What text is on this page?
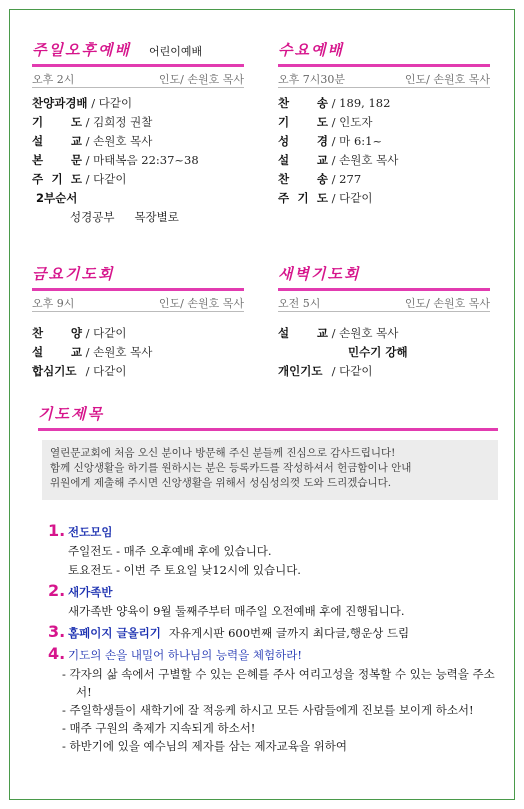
주일오후예배 어린이예배
오후 2시	인도/ 손원호 목사
찬양과경배 / 다같이
기　　도 / 김희정 권찰
설　　교 / 손원호 목사
본　　문 / 마태복음 22:37~38
주 기 도 / 다같이
2부순서
성경공부 목장별로
수요예배
오후 7시30분	인도/ 손원호 목사
찬　　송 / 189, 182
기　　도 / 인도자
성　　경 / 마 6:1~
설　　교 / 손원호 목사
찬　　송 / 277
주 기 도 / 다같이
금요기도회
오후 9시	인도/ 손원호 목사
찬　　양 / 다같이
설　　교 / 손원호 목사
합심기도 / 다같이
새벽기도회
오전 5시	인도/ 손원호 목사
설　　교 / 손원호 목사
민수기 강해
개인기도 / 다같이
기도제목
열린문교회에 처음 오신 분이나 방문해 주신 분들께 진심으로 감사드립니다!
함께 신앙생활을 하기를 원하시는 분은 등록카드를 작성하셔서 헌금함이나 안내
위원에게 제출해 주시면 신앙생활을 위해서 성심성의껏 도와 드리겠습니다.
1. 전도모임
주일전도 - 매주 오후예배 후에 있습니다.
토요전도 - 이번 주 토요일 낮12시에 있습니다.
2. 새가족반
새가족반 양육이 9월 둘째주부터 매주일 오전예배 후에 진행됩니다.
3. 홈페이지 글올리기 자유게시판 600번째 글까지 최다글,행운상 드림
4. 기도의 손을 내밀어 하나님의 능력을 체험하라!
- 각자의 삶 속에서 구별할 수 있는 은혜를 주사 여리고성을 정복할 수 있는 능력을 주소서!
- 주일학생들이 새학기에 잘 적응케 하시고 모든 사람들에게 진보를 보이게 하소서!
- 매주 구원의 축제가 지속되게 하소서!
- 하반기에 있을 예수님의 제자를 삼는 제자교육을 위하여
